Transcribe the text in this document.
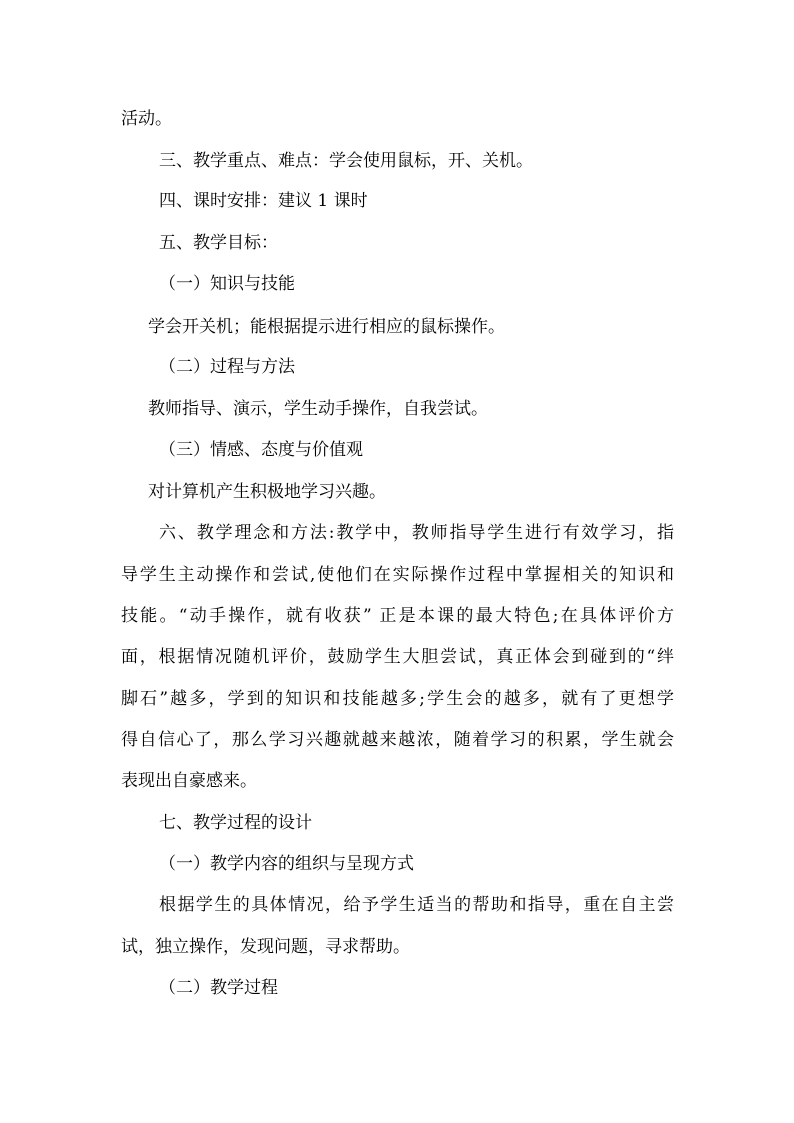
活动。
三、教学重点、难点：学会使用鼠标，开、关机。
四、课时安排：建议 1 课时
五、教学目标：
（一）知识与技能
学会开关机；能根据提示进行相应的鼠标操作。
（二）过程与方法
教师指导、演示，学生动手操作，自我尝试。
（三）情感、态度与价值观
对计算机产生积极地学习兴趣。
六、教学理念和方法:教学中，教师指导学生进行有效学习，指
导学生主动操作和尝试,使他们在实际操作过程中掌握相关的知识和
技能。“动手操作，就有收获” 正是本课的最大特色;在具体评价方
面，根据情况随机评价，鼓励学生大胆尝试，真正体会到碰到的“绊
脚石”越多，学到的知识和技能越多;学生会的越多，就有了更想学
得自信心了，那么学习兴趣就越来越浓，随着学习的积累，学生就会
表现出自豪感来。
七、教学过程的设计
（一）教学内容的组织与呈现方式
根据学生的具体情况，给予学生适当的帮助和指导，重在自主尝
试，独立操作，发现问题，寻求帮助。
（二）教学过程
